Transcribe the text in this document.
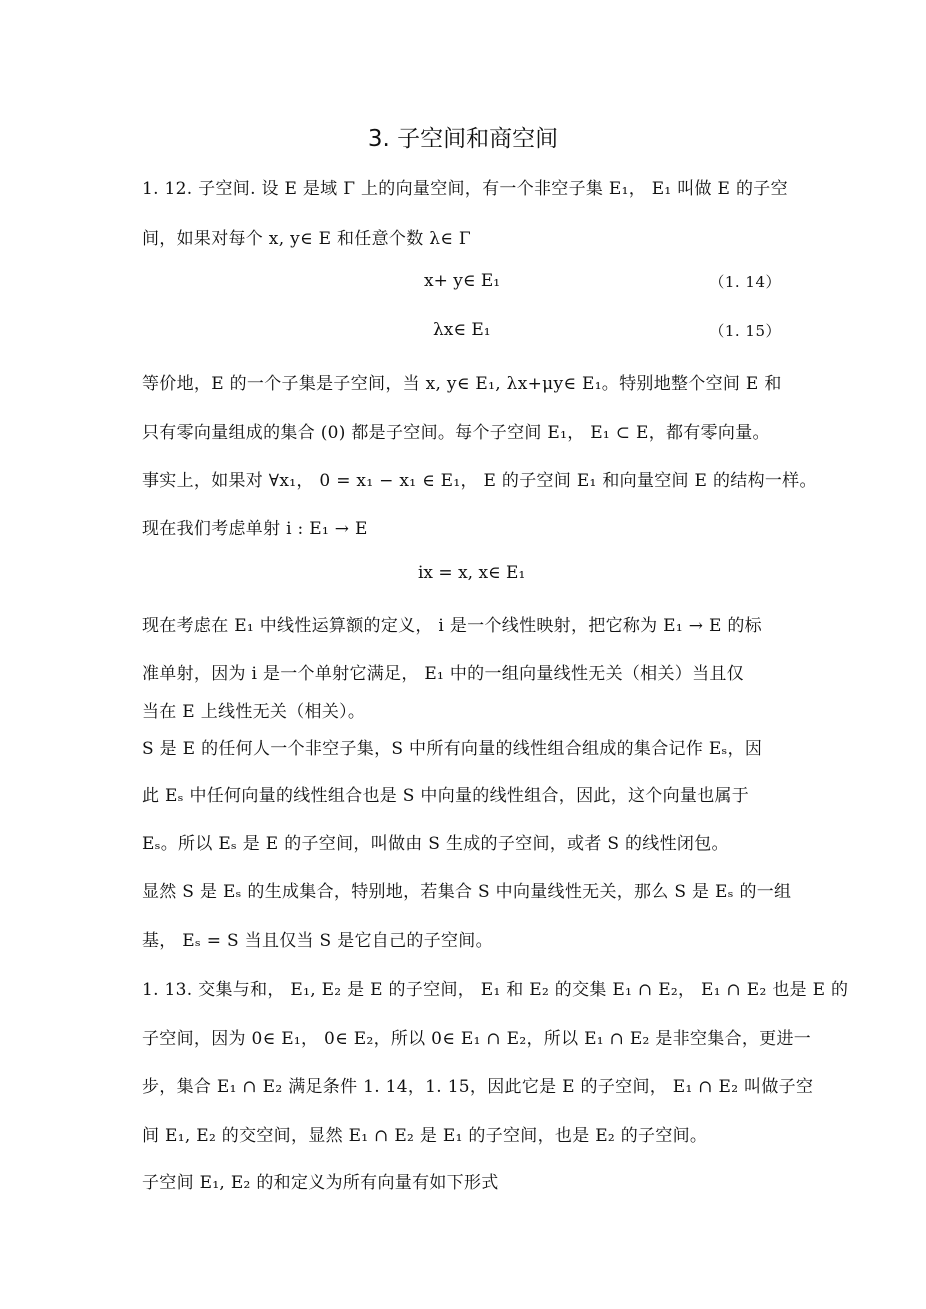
3. 子空间和商空间
1. 12. 子空间. 设 E 是域 Γ 上的向量空间，有一个非空子集 E₁， E₁ 叫做 E 的子空
间，如果对每个 x, y∈ E 和任意个数 λ∈ Γ
x+ y∈ E₁	（1. 14）
λx∈ E₁	（1. 15）
等价地，E 的一个子集是子空间，当 x, y∈ E₁, λx+μy∈ E₁。特别地整个空间 E 和
只有零向量组成的集合 (0) 都是子空间。每个子空间 E₁， E₁ ⊂ E，都有零向量。
事实上，如果对 ∀x₁， 0 = x₁ − x₁ ∈ E₁， E 的子空间 E₁ 和向量空间 E 的结构一样。
现在我们考虑单射 i : E₁ → E
ix = x, x∈ E₁
现在考虑在 E₁ 中线性运算额的定义， i 是一个线性映射，把它称为 E₁ → E 的标
准单射，因为 i 是一个单射它满足， E₁ 中的一组向量线性无关（相关）当且仅
当在 E 上线性无关（相关）。
S 是 E 的任何人一个非空子集，S 中所有向量的线性组合组成的集合记作 Eₛ，因
此 Eₛ 中任何向量的线性组合也是 S 中向量的线性组合，因此，这个向量也属于
Eₛ。所以 Eₛ 是 E 的子空间，叫做由 S 生成的子空间，或者 S 的线性闭包。
显然 S 是 Eₛ 的生成集合，特别地，若集合 S 中向量线性无关，那么 S 是 Eₛ 的一组
基， Eₛ = S 当且仅当 S 是它自己的子空间。
1. 13. 交集与和， E₁, E₂ 是 E 的子空间， E₁ 和 E₂ 的交集 E₁ ∩ E₂， E₁ ∩ E₂ 也是 E 的
子空间，因为 0∈ E₁， 0∈ E₂，所以 0∈ E₁ ∩ E₂，所以 E₁ ∩ E₂ 是非空集合，更进一
步，集合 E₁ ∩ E₂ 满足条件 1. 14，1. 15，因此它是 E 的子空间， E₁ ∩ E₂ 叫做子空
间 E₁, E₂ 的交空间，显然 E₁ ∩ E₂ 是 E₁ 的子空间，也是 E₂ 的子空间。
子空间 E₁, E₂ 的和定义为所有向量有如下形式
